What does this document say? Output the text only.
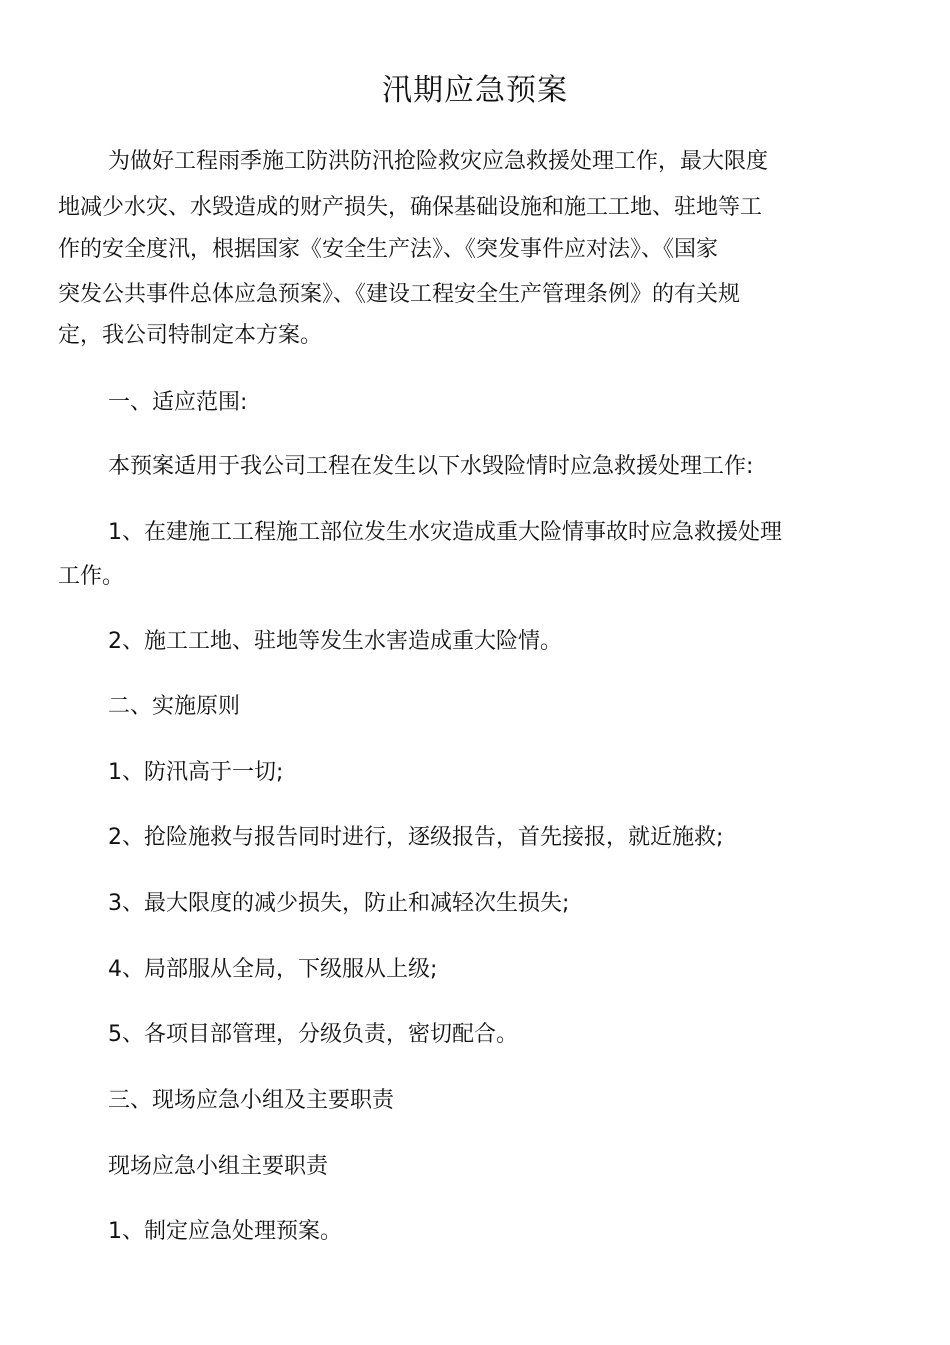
汛期应急预案
为做好工程雨季施工防洪防汛抢险救灾应急救援处理工作，最大限度
地减少水灾、水毁造成的财产损失，确保基础设施和施工工地、驻地等工
作的安全度汛，根据国家《安全生产法》、《突发事件应对法》、《国家
突发公共事件总体应急预案》、《建设工程安全生产管理条例》的有关规
定，我公司特制定本方案。
一、适应范围:
本预案适用于我公司工程在发生以下水毁险情时应急救援处理工作:
1、在建施工工程施工部位发生水灾造成重大险情事故时应急救援处理
工作。
2、施工工地、驻地等发生水害造成重大险情。
二、实施原则
1、防汛高于一切;
2、抢险施救与报告同时进行，逐级报告，首先接报，就近施救;
3、最大限度的减少损失，防止和减轻次生损失;
4、局部服从全局，下级服从上级;
5、各项目部管理，分级负责，密切配合。
三、现场应急小组及主要职责
现场应急小组主要职责
1、制定应急处理预案。
